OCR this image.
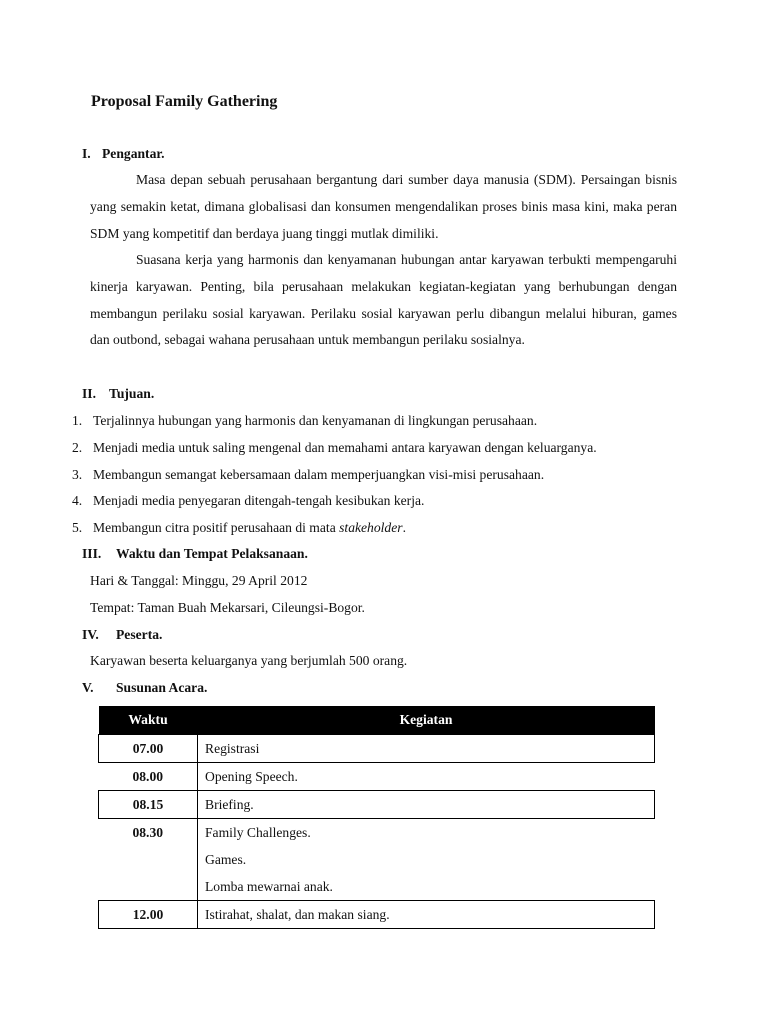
Proposal Family Gathering
I. Pengantar.
Masa depan sebuah perusahaan bergantung dari sumber daya manusia (SDM). Persaingan bisnis yang semakin ketat, dimana globalisasi dan konsumen mengendalikan proses binis masa kini, maka peran SDM yang kompetitif dan berdaya juang tinggi mutlak dimiliki.
Suasana kerja yang harmonis dan kenyamanan hubungan antar karyawan terbukti mempengaruhi kinerja karyawan. Penting, bila perusahaan melakukan kegiatan-kegiatan yang berhubungan dengan membangun perilaku sosial karyawan. Perilaku sosial karyawan perlu dibangun melalui hiburan, games dan outbond, sebagai wahana perusahaan untuk membangun perilaku sosialnya.
II. Tujuan.
1. Terjalinnya hubungan yang harmonis dan kenyamanan di lingkungan perusahaan.
2. Menjadi media untuk saling mengenal dan memahami antara karyawan dengan keluarganya.
3. Membangun semangat kebersamaan dalam memperjuangkan visi-misi perusahaan.
4. Menjadi media penyegaran ditengah-tengah kesibukan kerja.
5. Membangun citra positif perusahaan di mata stakeholder.
III. Waktu dan Tempat Pelaksanaan.
Hari & Tanggal: Minggu, 29 April 2012
Tempat: Taman Buah Mekarsari, Cileungsi-Bogor.
IV. Peserta.
Karyawan beserta keluarganya yang berjumlah 500 orang.
V. Susunan Acara.
Waktu	Kegiatan
07.00	Registrasi
08.00	Opening Speech.
08.15	Briefing.
08.30	Family Challenges.
Games.
Lomba mewarnai anak.

12.00	Istirahat, shalat, dan makan siang.
